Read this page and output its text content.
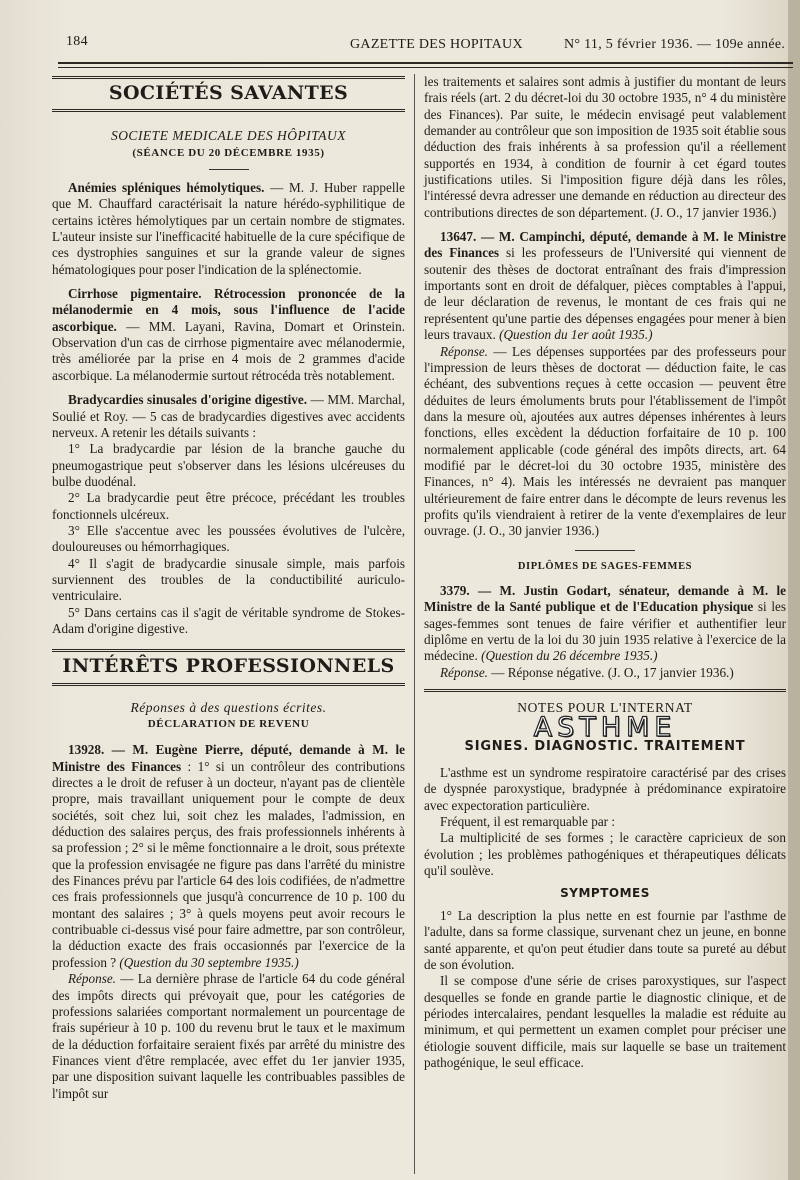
184	GAZETTE DES HOPITAUX	N° 11, 5 février 1936. — 109e année.
SOCIÉTÉS SAVANTES

SOCIETE MEDICALE DES HÔPITAUX

(SÉANCE DU 20 DÉCEMBRE 1935)

Anémies spléniques hémolytiques. — M. J. Huber rappelle que M. Chauffard caractérisait la nature hérédo-syphilitique de certains ictères hémolytiques par un certain nombre de stigmates. L'auteur insiste sur l'inefficacité habituelle de la cure spécifique de ces dystrophies sanguines et sur la grande valeur de signes hématologiques pour poser l'indication de la splénectomie.

Cirrhose pigmentaire. Rétrocession prononcée de la mélanodermie en 4 mois, sous l'influence de l'acide ascorbique. — MM. Layani, Ravina, Domart et Orinstein. Observation d'un cas de cirrhose pigmentaire avec mélanodermie, très améliorée par la prise en 4 mois de 2 grammes d'acide ascorbique. La mélanodermie surtout rétrocéda très notablement.

Bradycardies sinusales d'origine digestive. — MM. Marchal, Soulié et Roy. — 5 cas de bradycardies digestives avec accidents nerveux. A retenir les détails suivants :

1° La bradycardie par lésion de la branche gauche du pneumogastrique peut s'observer dans les lésions ulcéreuses du bulbe duodénal.

2° La bradycardie peut être précoce, précédant les troubles fonctionnels ulcéreux.

3° Elle s'accentue avec les poussées évolutives de l'ulcère, douloureuses ou hémorrhagiques.

4° Il s'agit de bradycardie sinusale simple, mais parfois surviennent des troubles de la conductibilité auriculo-ventriculaire.

5° Dans certains cas il s'agit de véritable syndrome de Stokes-Adam d'origine digestive.

INTÉRÊTS PROFESSIONNELS

Réponses à des questions écrites.

DÉCLARATION DE REVENU

13928. — M. Eugène Pierre, député, demande à M. le Ministre des Finances : 1° si un contrôleur des contributions directes a le droit de refuser à un docteur, n'ayant pas de clientèle propre, mais travaillant uniquement pour le compte de deux sociétés, soit chez lui, soit chez les malades, l'admission, en déduction des salaires perçus, des frais professionnels inhérents à sa profession ; 2° si le même fonctionnaire a le droit, sous prétexte que la profession envisagée ne figure pas dans l'arrêté du ministre des Finances prévu par l'article 64 des lois codifiées, de n'admettre ces frais professionnels que jusqu'à concurrence de 10 p. 100 du montant des salaires ; 3° à quels moyens peut avoir recours le contribuable ci-dessus visé pour faire admettre, par son contrôleur, la déduction exacte des frais occasionnés par l'exercice de la profession ? (Question du 30 septembre 1935.)

Réponse. — La dernière phrase de l'article 64 du code général des impôts directs qui prévoyait que, pour les catégories de professions salariées comportant normalement un pourcentage de frais supérieur à 10 p. 100 du revenu brut le taux et le maximum de la déduction forfaitaire seraient fixés par arrêté du ministre des Finances vient d'être remplacée, avec effet du 1er janvier 1935, par une disposition suivant laquelle les contribuables passibles de l'impôt sur

les traitements et salaires sont admis à justifier du montant de leurs frais réels (art. 2 du décret-loi du 30 octobre 1935, n° 4 du ministère des Finances). Par suite, le médecin envisagé peut valablement demander au contrôleur que son imposition de 1935 soit établie sous déduction des frais inhérents à sa profession qu'il a réellement supportés en 1934, à condition de fournir à cet égard toutes justifications utiles. Si l'imposition figure déjà dans les rôles, l'intéressé devra adresser une demande en réduction au directeur des contributions directes de son département. (J. O., 17 janvier 1936.)

13647. — M. Campinchi, député, demande à M. le Ministre des Finances si les professeurs de l'Université qui viennent de soutenir des thèses de doctorat entraînant des frais d'impression importants sont en droit de défalquer, pièces comptables à l'appui, de leur déclaration de revenus, le montant de ces frais qui ne représentent qu'une partie des dépenses engagées pour mener à bien leurs travaux. (Question du 1er août 1935.)

Réponse. — Les dépenses supportées par des professeurs pour l'impression de leurs thèses de doctorat — déduction faite, le cas échéant, des subventions reçues à cette occasion — peuvent être déduites de leurs émoluments bruts pour l'établissement de l'impôt dans la mesure où, ajoutées aux autres dépenses inhérentes à leurs fonctions, elles excèdent la déduction forfaitaire de 10 p. 100 normalement applicable (code général des impôts directs, art. 64 modifié par le décret-loi du 30 octobre 1935, ministère des Finances, n° 4). Mais les intéressés ne devraient pas manquer ultérieurement de faire entrer dans le décompte de leurs revenus les profits qu'ils viendraient à retirer de la vente d'exemplaires de leur ouvrage. (J. O., 30 janvier 1936.)

DIPLÔMES DE SAGES-FEMMES

3379. — M. Justin Godart, sénateur, demande à M. le Ministre de la Santé publique et de l'Education physique si les sages-femmes sont tenues de faire vérifier et authentifier leur diplôme en vertu de la loi du 30 juin 1935 relative à l'exercice de la médecine. (Question du 26 décembre 1935.)

Réponse. — Réponse négative. (J. O., 17 janvier 1936.)

NOTES POUR L'INTERNAT

ASTHME
SIGNES. DIAGNOSTIC. TRAITEMENT

L'asthme est un syndrome respiratoire caractérisé par des crises de dyspnée paroxystique, bradypnée à prédominance expiratoire avec expectoration particulière.

Fréquent, il est remarquable par :

La multiplicité de ses formes ; le caractère capricieux de son évolution ; les problèmes pathogéniques et thérapeutiques délicats qu'il soulève.

SYMPTOMES

1° La description la plus nette en est fournie par l'asthme de l'adulte, dans sa forme classique, survenant chez un jeune, en bonne santé apparente, et qu'on peut étudier dans toute sa pureté au début de son évolution.

Il se compose d'une série de crises paroxystiques, sur l'aspect desquelles se fonde en grande partie le diagnostic clinique, et de périodes intercalaires, pendant lesquelles la maladie est réduite au minimum, et qui permettent un examen complet pour préciser une étiologie souvent difficile, mais sur laquelle se base un traitement pathogénique, le seul efficace.
